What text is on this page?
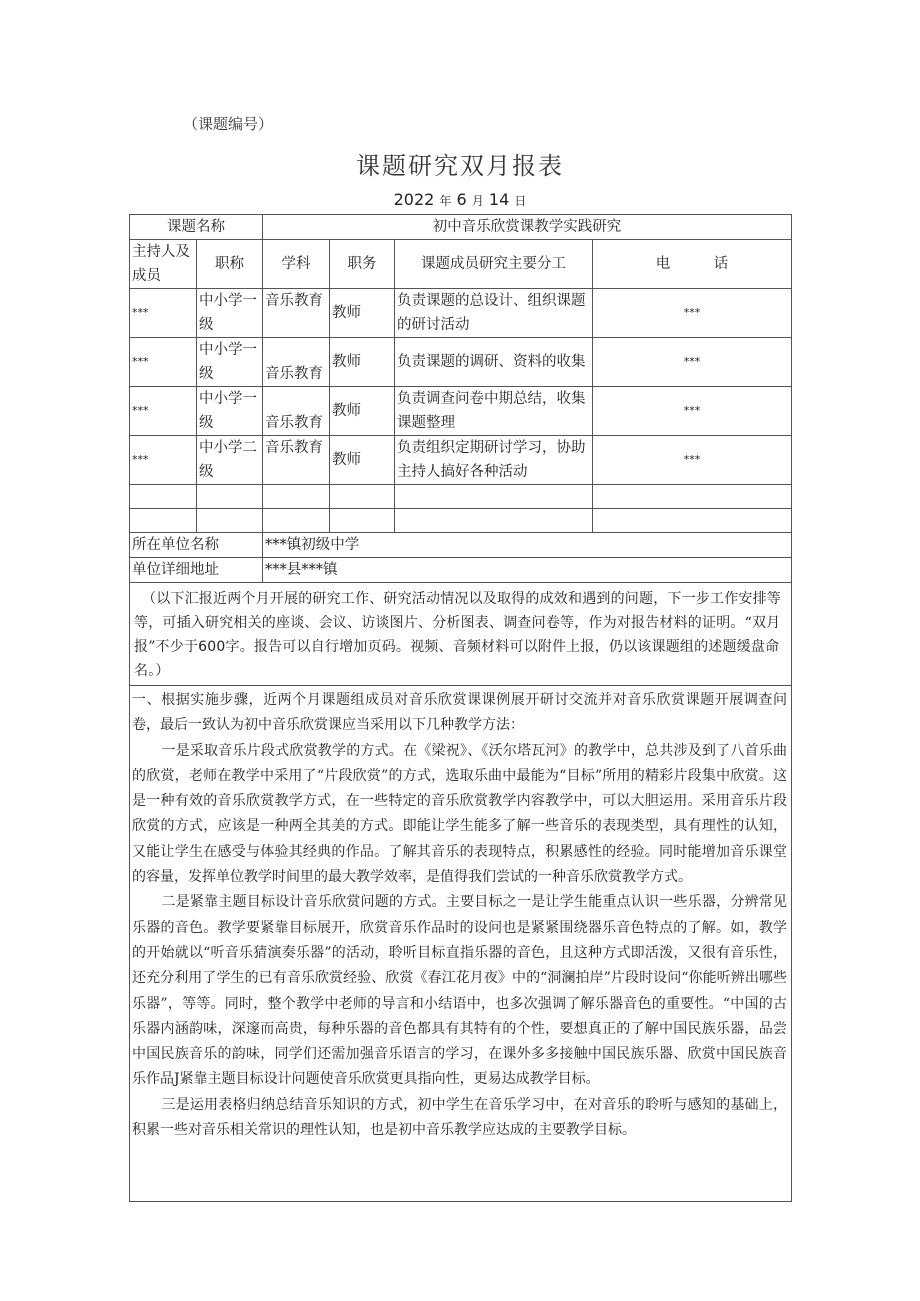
（课题编号）
课题研究双月报表
2022 年 6 月 14 日
课题名称		初中音乐欣赏课教学实践研究			
主持人及成员	职称	学科	职务	课题成员研究主要分工	电　　　话
***	中小学一级	音乐教育	教师	负责课题的总设计、组织课题的研讨活动	***
***	中小学一级	音乐教育	教师	负责课题的调研、资料的收集	***
***	中小学一级	音乐教育	教师	负责调查问卷中期总结，收集课题整理	***
***	中小学二级	音乐教育	教师	负责组织定期研讨学习，协助主持人搞好各种活动	***

所在单位名称		***镇初级中学			
单位详细地址		***县***镇			
（以下汇报近两个月开展的研究工作、研究活动情况以及取得的成效和遇到的问题，下一步工作安排等等，可插入研究相关的座谈、会议、访谈图片、分析图表、调查问卷等，作为对报告材料的证明。“双月报”不少于600字。报告可以自行增加页码。视频、音频材料可以附件上报，仍以该课题组的述题缓盘命名。）					

一、根据实施步骤，近两个月课题组成员对音乐欣赏课课例展开研讨交流并对音乐欣赏课题开展调查问卷，最后一致认为初中音乐欣赏课应当采用以下几种教学方法：

一是采取音乐片段式欣赏教学的方式。在《梁祝》、《沃尔塔瓦河》的教学中，总共涉及到了八首乐曲的欣赏，老师在教学中采用了“片段欣赏”的方式，选取乐曲中最能为“目标”所用的精彩片段集中欣赏。这是一种有效的音乐欣赏教学方式，在一些特定的音乐欣赏教学内容教学中，可以大胆运用。采用音乐片段欣赏的方式，应该是一种两全其美的方式。即能让学生能多了解一些音乐的表现类型，具有理性的认知，又能让学生在感受与体验其经典的作品。了解其音乐的表现特点，积累感性的经验。同时能增加音乐课堂的容量，发挥单位教学时间里的最大教学效率，是值得我们尝试的一种音乐欣赏教学方式。

二是紧靠主题目标设计音乐欣赏问题的方式。主要目标之一是让学生能重点认识一些乐器，分辨常见乐器的音色。教学要紧靠目标展开，欣赏音乐作品时的设问也是紧紧围绕器乐音色特点的了解。如，教学的开始就以“听音乐猜演奏乐器”的活动，聆听目标直指乐器的音色，且这种方式即活泼，又很有音乐性，还充分利用了学生的已有音乐欣赏经验、欣赏《春江花月夜》中的“洞澜拍岸”片段时设问“你能听辨出哪些乐器”，等等。同时，整个教学中老师的导言和小结语中，也多次强调了解乐器音色的重要性。“中国的古乐器内涵韵味，深邃而高贵，每种乐器的音色都具有其特有的个性，要想真正的了解中国民族乐器，品尝中国民族音乐的韵味，同学们还需加强音乐语言的学习，在课外多多接触中国民族乐器、欣赏中国民族音乐作品J紧靠主题目标设计问题使音乐欣赏更具指向性，更易达成教学目标。

三是运用表格归纳总结音乐知识的方式，初中学生在音乐学习中，在对音乐的聆听与感知的基础上，积累一些对音乐相关常识的理性认知，也是初中音乐教学应达成的主要教学目标。					
